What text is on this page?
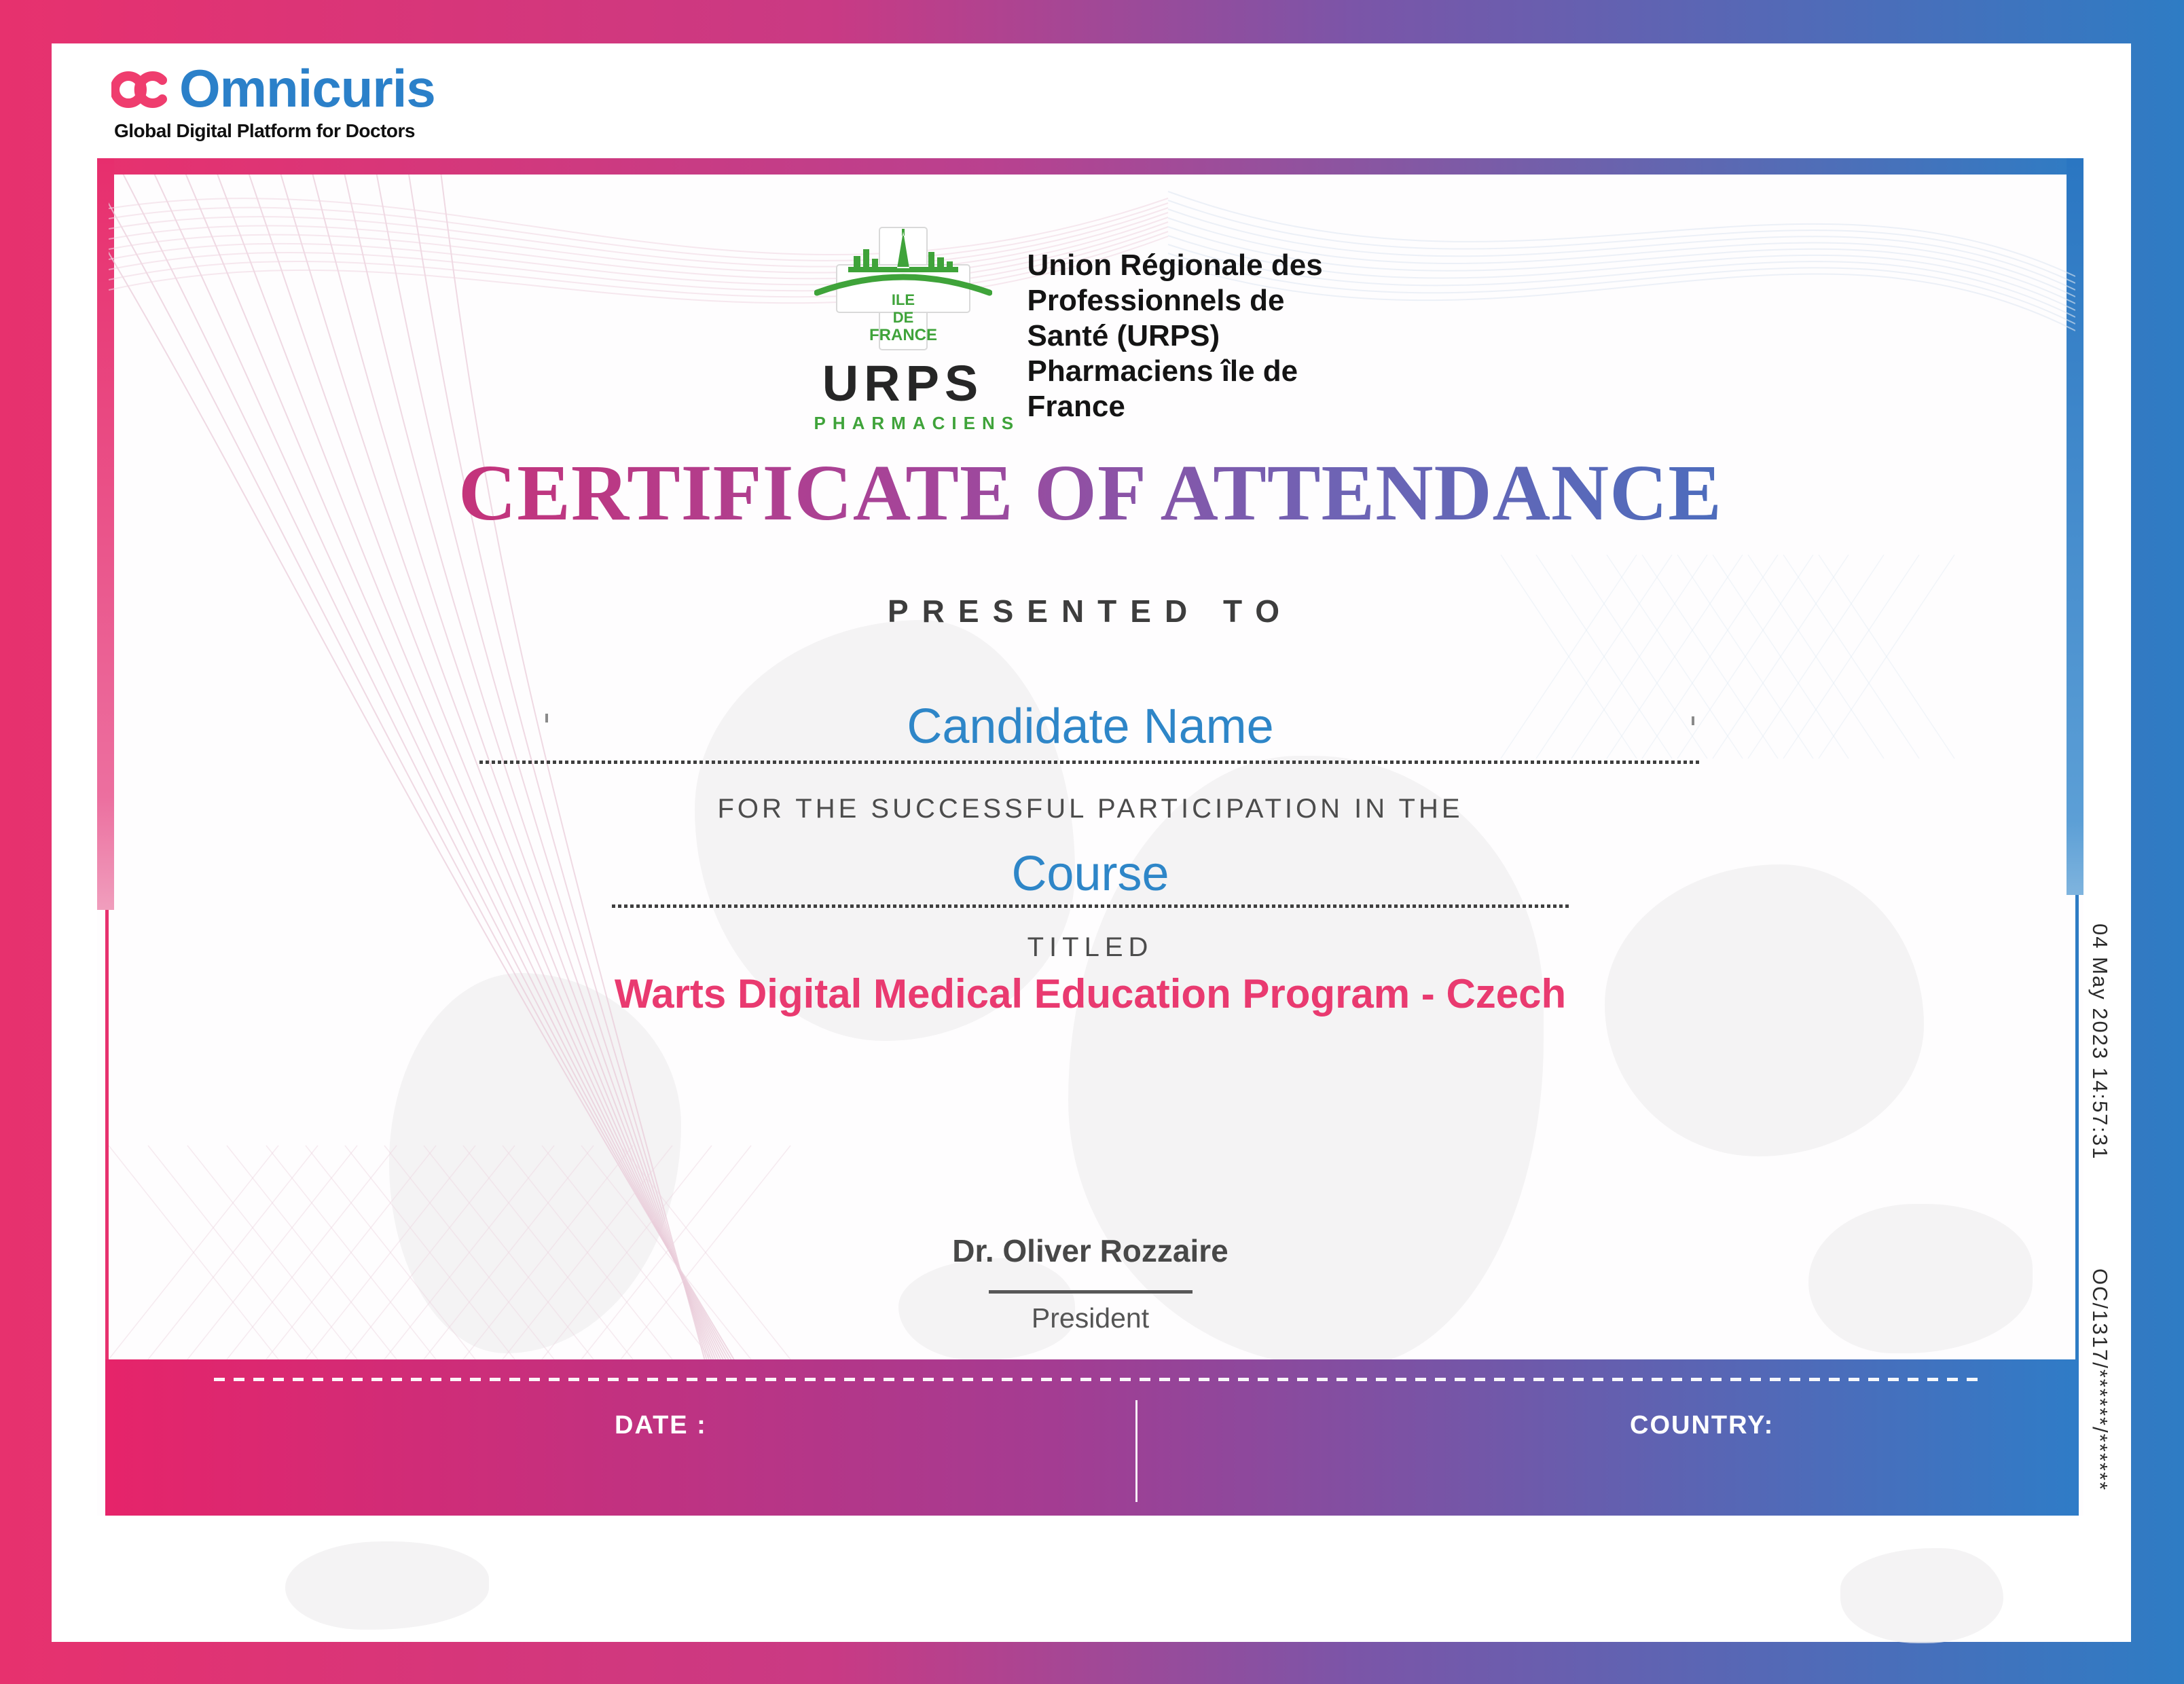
Omnicuris
Global Digital Platform for Doctors
ILE
DE
FRANCE
URPS
PHARMACIENS
Union Régionale des
Professionnels de
Santé (URPS)
Pharmaciens île de
France
CERTIFICATE OF ATTENDANCE
PRESENTED TO
Candidate Name
FOR THE SUCCESSFUL PARTICIPATION IN THE
Course
TITLED
Warts Digital Medical Education Program - Czech
Dr. Oliver Rozzaire
President
DATE :	COUNTRY:
04 May 2023 14:57:31
OC/1317/******/******
